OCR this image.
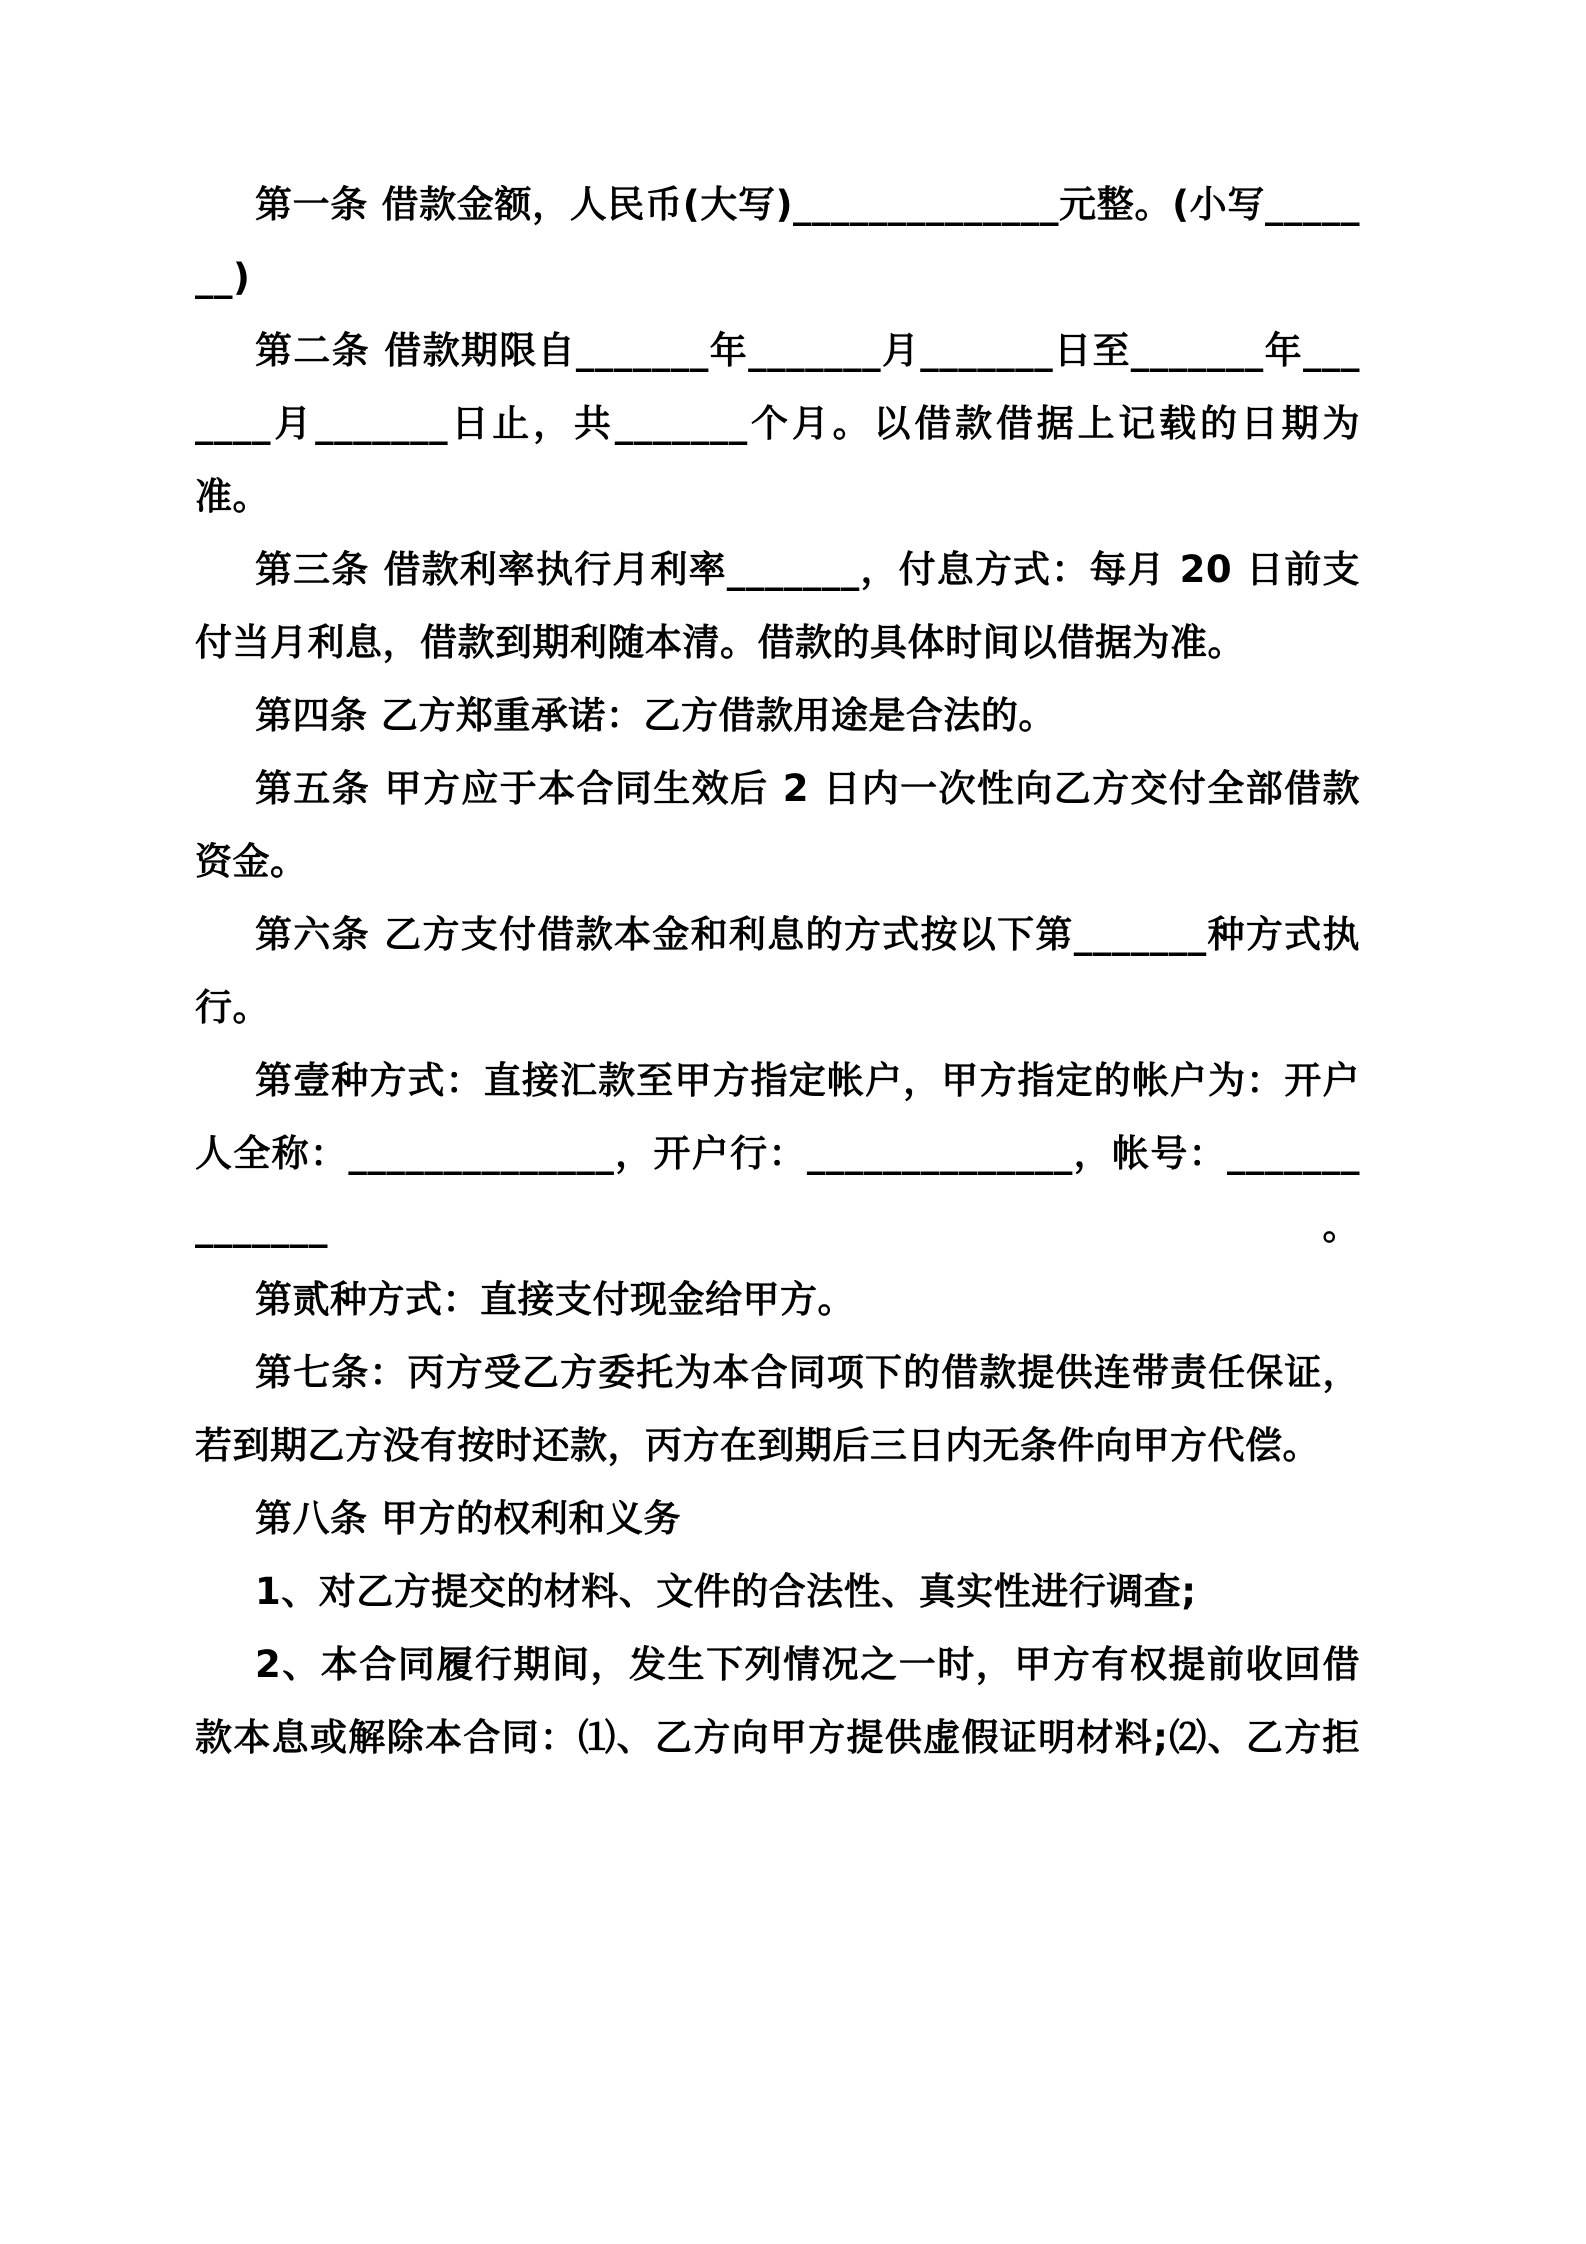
第一条 借款金额，人民币(大写)______________元整。(小写_______)

第二条 借款期限自_______年_______月_______日至_______年_______月_______日止，共_______个月。以借款借据上记载的日期为准。

第三条 借款利率执行月利率_______，付息方式：每月 20 日前支付当月利息，借款到期利随本清。借款的具体时间以借据为准。

第四条 乙方郑重承诺：乙方借款用途是合法的。

第五条 甲方应于本合同生效后 2 日内一次性向乙方交付全部借款资金。

第六条 乙方支付借款本金和利息的方式按以下第_______种方式执行。

第壹种方式：直接汇款至甲方指定帐户，甲方指定的帐户为：开户人全称：______________，开户行：______________，帐号：______________。

第贰种方式：直接支付现金给甲方。

第七条：丙方受乙方委托为本合同项下的借款提供连带责任保证，若到期乙方没有按时还款，丙方在到期后三日内无条件向甲方代偿。

第八条 甲方的权利和义务

1、对乙方提交的材料、文件的合法性、真实性进行调查;

2、本合同履行期间，发生下列情况之一时，甲方有权提前收回借款本息或解除本合同：⑴、乙方向甲方提供虚假证明材料;⑵、乙方拒
